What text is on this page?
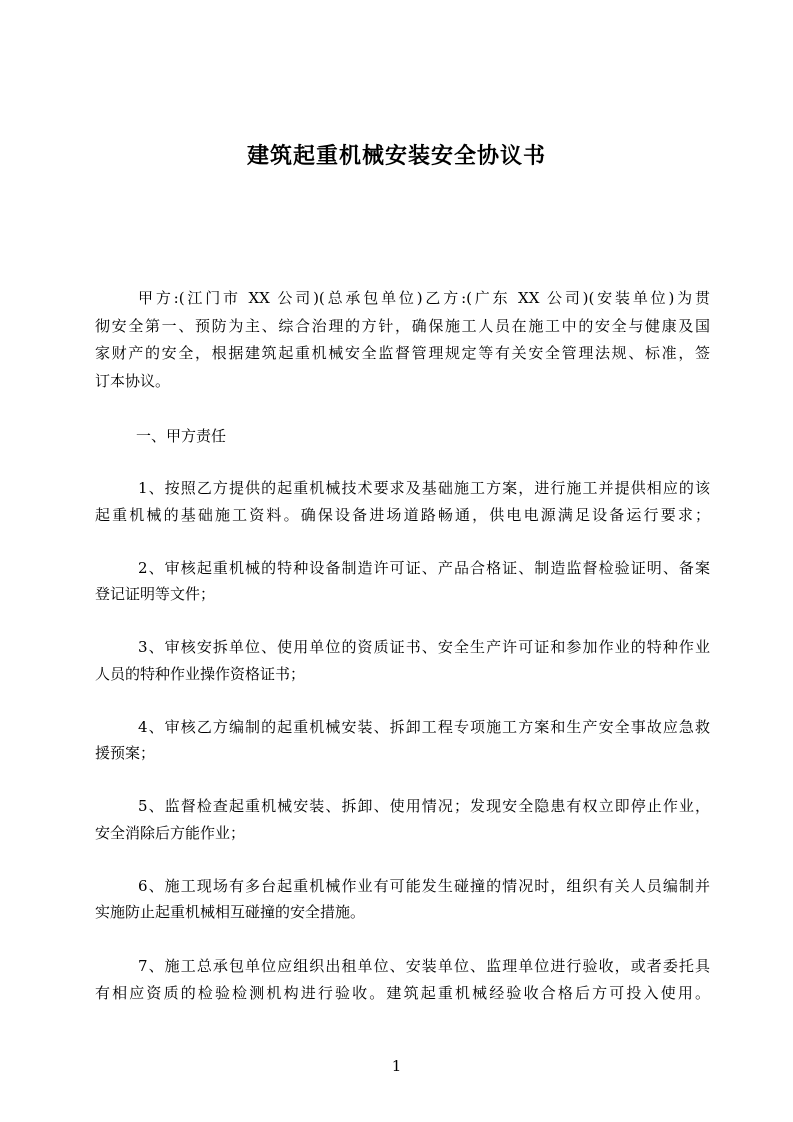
建筑起重机械安装安全协议书
甲方:(江门市 XX 公司)(总承包单位)乙方:(广东 XX 公司)(安装单位)为贯
彻安全第一、预防为主、综合治理的方针，确保施工人员在施工中的安全与健康及国
家财产的安全，根据建筑起重机械安全监督管理规定等有关安全管理法规、标准，签
订本协议。
一、甲方责任
1、按照乙方提供的起重机械技术要求及基础施工方案，进行施工并提供相应的该
起重机械的基础施工资料。确保设备进场道路畅通，供电电源满足设备运行要求；
2、审核起重机械的特种设备制造许可证、产品合格证、制造监督检验证明、备案
登记证明等文件；
3、审核安拆单位、使用单位的资质证书、安全生产许可证和参加作业的特种作业
人员的特种作业操作资格证书；
4、审核乙方编制的起重机械安装、拆卸工程专项施工方案和生产安全事故应急救
援预案；
5、监督检查起重机械安装、拆卸、使用情况；发现安全隐患有权立即停止作业，
安全消除后方能作业；
6、施工现场有多台起重机械作业有可能发生碰撞的情况时，组织有关人员编制并
实施防止起重机械相互碰撞的安全措施。
7、施工总承包单位应组织出租单位、安装单位、监理单位进行验收，或者委托具
有相应资质的检验检测机构进行验收。建筑起重机械经验收合格后方可投入使用。
1
